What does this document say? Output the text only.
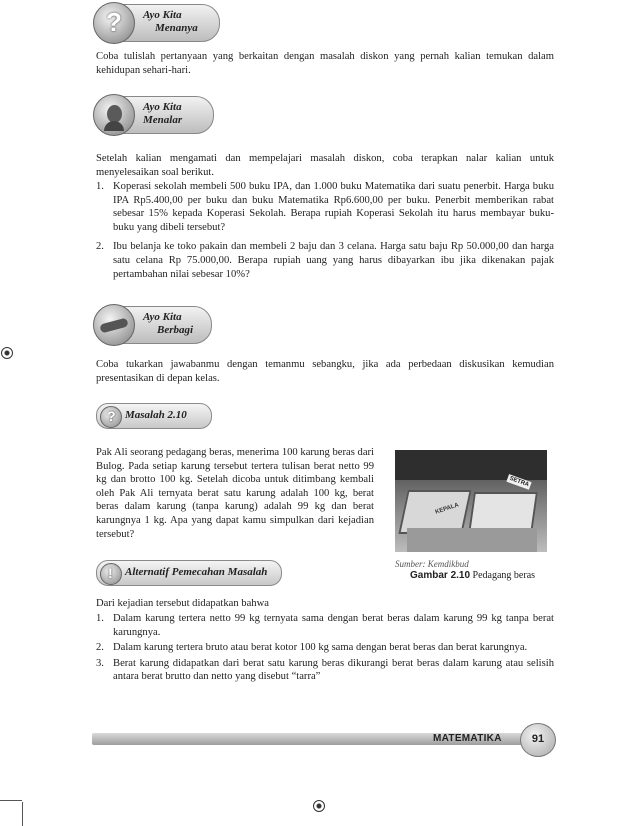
? Ayo Kita
Menanya

Coba tulislah pertanyaan yang berkaitan dengan masalah diskon yang pernah kalian temukan dalam kehidupan sehari-hari.

Ayo Kita
Menalar

Setelah kalian mengamati dan mempelajari masalah diskon, coba terapkan nalar kalian untuk menyelesaikan soal berikut.

1. Koperasi sekolah membeli 500 buku IPA, dan 1.000 buku Matematika dari suatu penerbit. Harga buku IPA Rp5.400,00 per buku dan buku Matematika Rp6.600,00 per buku. Penerbit memberikan rabat sebesar 15% kepada Koperasi Sekolah. Berapa rupiah Koperasi Sekolah itu harus membayar buku-buku yang dibeli tersebut?
2. Ibu belanja ke toko pakain dan membeli 2 baju dan 3 celana. Harga satu baju Rp 50.000,00 dan harga satu celana Rp 75.000,00. Berapa rupiah uang yang harus dibayarkan ibu jika dikenakan pajak pertambahan nilai sebesar 10%?
Ayo Kita
Berbagi

Coba tukarkan jawabanmu dengan temanmu sebangku, jika ada perbedaan diskusikan kemudian presentasikan di depan kelas.

? Masalah 2.10

Pak Ali seorang pedagang beras, menerima 100 karung beras dari Bulog. Pada setiap karung tersebut tertera tulisan berat netto 99 kg dan brotto 100 kg. Setelah dicoba untuk ditimbang kembali oleh Pak Ali ternyata berat satu karung adalah 100 kg, berat beras dalam karung (tanpa karung) adalah 99 kg dan berat karungnya 1 kg. Apa yang dapat kamu simpulkan dari kejadian tersebut?

SETRA
KEPALA
Sumber: Kemdikbud
Gambar 2.10 Pedagang beras
! Alternatif Pemecahan Masalah

Dari kejadian tersebut didapatkan bahwa

1. Dalam karung tertera netto 99 kg ternyata sama dengan berat beras dalam karung 99 kg tanpa berat karungnya.
2. Dalam karung tertera bruto atau berat kotor 100 kg sama dengan berat beras dan berat karungnya.
3. Berat karung didapatkan dari berat satu karung beras dikurangi berat beras dalam karung atau selisih antara berat brutto dan netto yang disebut “tarra”
MATEMATIKA	91
